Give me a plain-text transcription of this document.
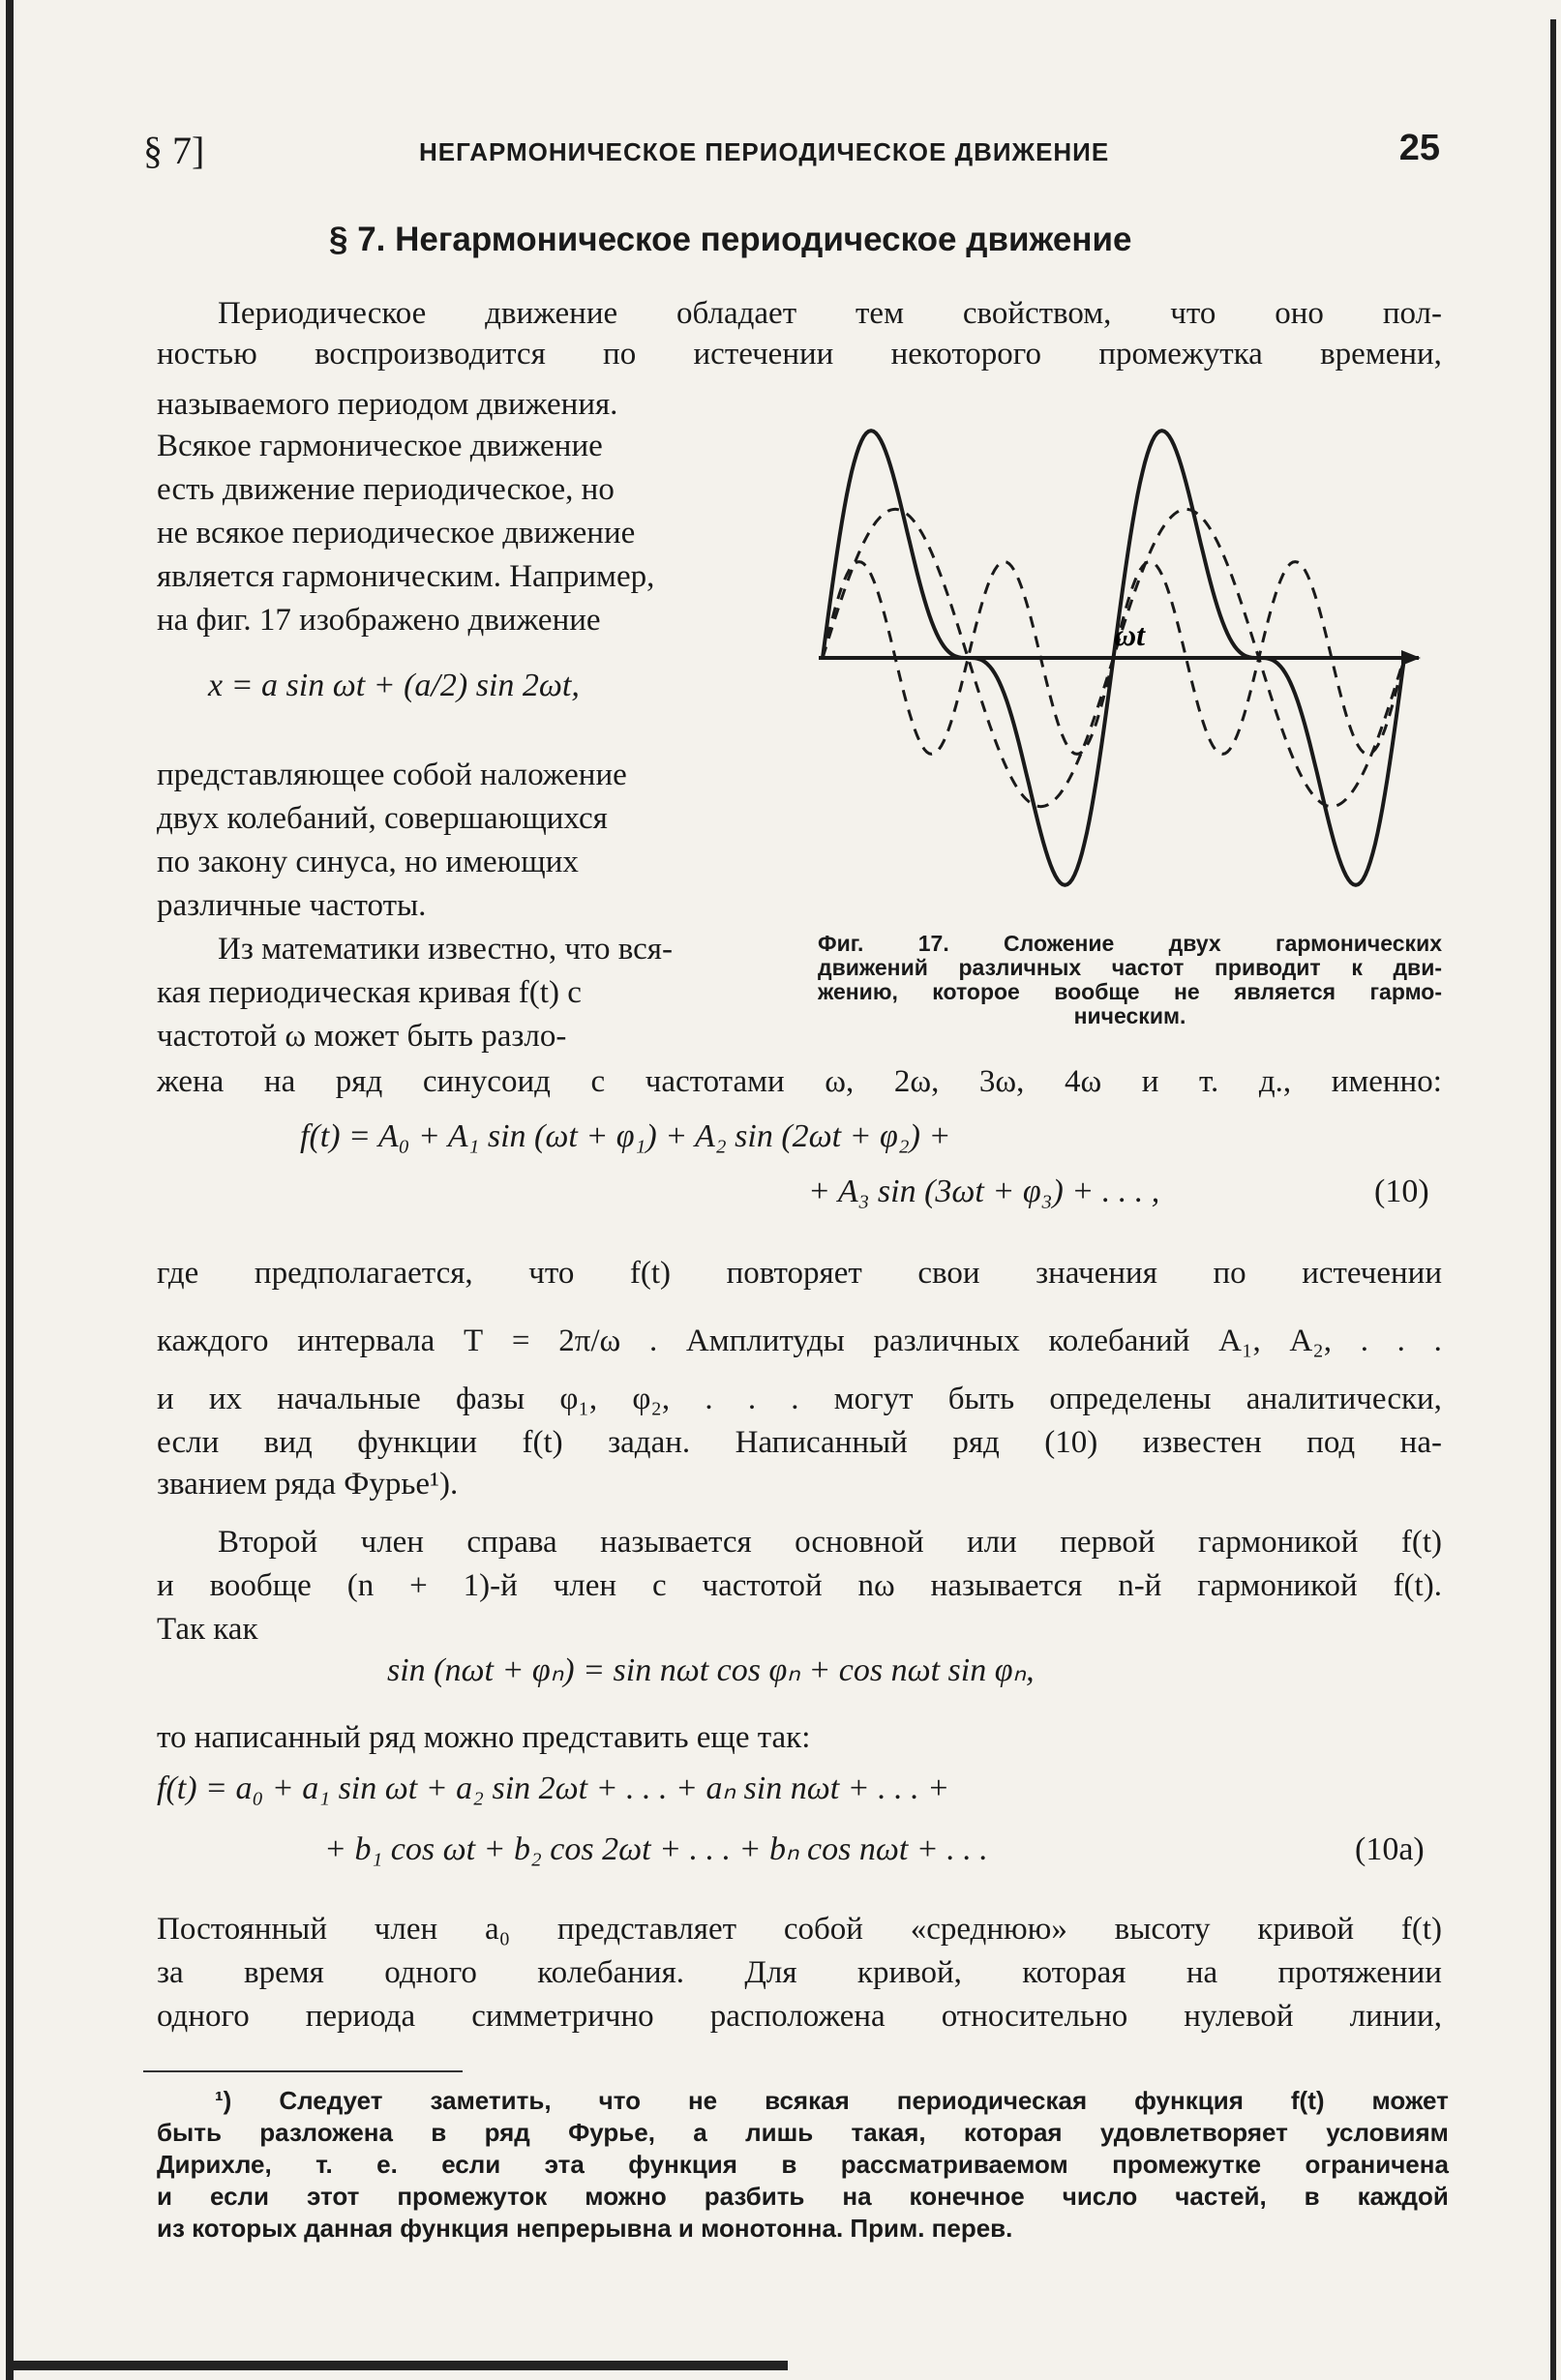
§ 7]	НЕГАРМОНИЧЕСКОЕ ПЕРИОДИЧЕСКОЕ ДВИЖЕНИЕ	25
§ 7. Негармоническое периодическое движение
Периодическое движение обладает тем свойством, что оно пол-
ностью воспроизводится по истечении некоторого промежутка времени,
называемого периодом движения.
Всякое гармоническое движение
есть движение периодическое, но
не всякое периодическое движение
является гармоническим. Например,
на фиг. 17 изображено движение
x = a sin ωt + (a/2) sin 2ωt,
представляющее собой наложение
двух колебаний, совершающихся
по закону синуса, но имеющих
различные частоты.
Из математики известно, что вся-
кая периодическая кривая f(t) с
частотой ω может быть разло-
жена на ряд синусоид с частотами ω, 2ω, 3ω, 4ω и т. д., именно:
ωt
Фиг. 17. Сложение двух гармонических
движений различных частот приводит к дви-
жению, которое вообще не является гармо-
ническим.
f(t) = A₀ + A₁ sin (ωt + φ₁) + A₂ sin (2ωt + φ₂) +
+ A₃ sin (3ωt + φ₃) + . . . ,	(10)
где предполагается, что f(t) повторяет свои значения по истечении
каждого интервала T = 2π/ω . Амплитуды различных колебаний A₁, A₂, . . .
и их начальные фазы φ₁, φ₂, . . . могут быть определены аналитически,
если вид функции f(t) задан. Написанный ряд (10) известен под на-
званием ряда Фурье¹).
Второй член справа называется основной или первой гармоникой f(t)
и вообще (n + 1)-й член с частотой nω называется n-й гармоникой f(t).
Так как
sin (nωt + φₙ) = sin nωt cos φₙ + cos nωt sin φₙ,
то написанный ряд можно представить еще так:
f(t) = a₀ + a₁ sin ωt + a₂ sin 2ωt + . . . + aₙ sin nωt + . . . +
+ b₁ cos ωt + b₂ cos 2ωt + . . . + bₙ cos nωt + . . .	(10a)
Постоянный член a₀ представляет собой «среднюю» высоту кривой f(t)
за время одного колебания. Для кривой, которая на протяжении
одного периода симметрично расположена относительно нулевой линии,
¹) Следует заметить, что не всякая периодическая функция f(t) может
быть разложена в ряд Фурье, а лишь такая, которая удовлетворяет условиям
Дирихле, т. е. если эта функция в рассматриваемом промежутке ограничена
и если этот промежуток можно разбить на конечное число частей, в каждой
из которых данная функция непрерывна и монотонна. Прим. перев.
